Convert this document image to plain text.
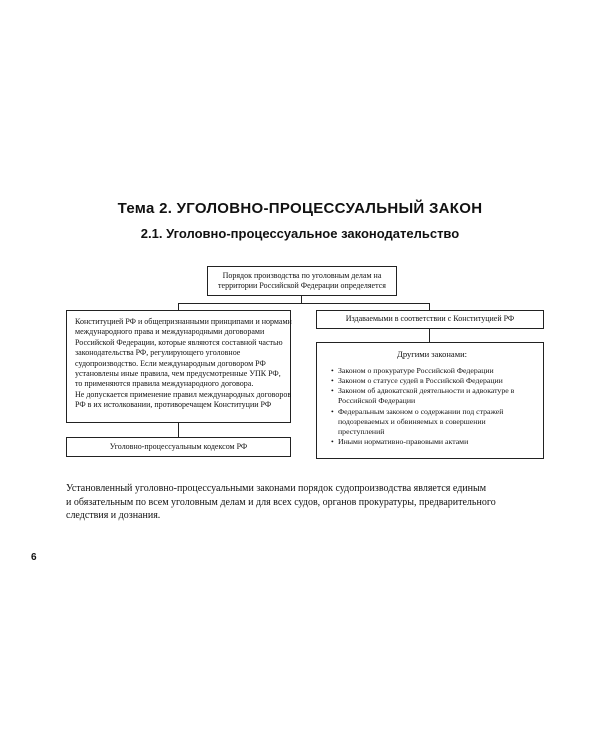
Тема 2. УГОЛОВНО-ПРОЦЕССУАЛЬНЫЙ ЗАКОН
2.1. Уголовно-процессуальное законодательство
Порядок производства по уголовным делам на
территории Российской Федерации определяется
Конституцией РФ и общепризнанными принципами и нормами
международного права и международными договорами
Российской Федерации, которые являются составной частью
законодательства РФ, регулирующего уголовное
судопроизводство. Если международным договором РФ
установлены иные правила, чем предусмотренные УПК РФ,
то применяются правила международного договора.
Не допускается применение правил международных договоров
РФ в их истолковании, противоречащем Конституции РФ
Издаваемыми в соответствии с Конституцией РФ
Другими законами:
• Законом о прокуратуре Российской Федерации
• Законом о статусе судей в Российской Федерации
• Законом об адвокатской деятельности и адвокатуре в Российской Федерации
• Федеральным законом о содержании под стражей подозреваемых и обвиняемых в совершении преступлений
• Иными нормативно-правовыми актами
Уголовно-процессуальным кодексом РФ
Установленный уголовно-процессуальными законами порядок судопроизводства является единым
и обязательным по всем уголовным делам и для всех судов, органов прокуратуры, предварительного
следствия и дознания.
6
